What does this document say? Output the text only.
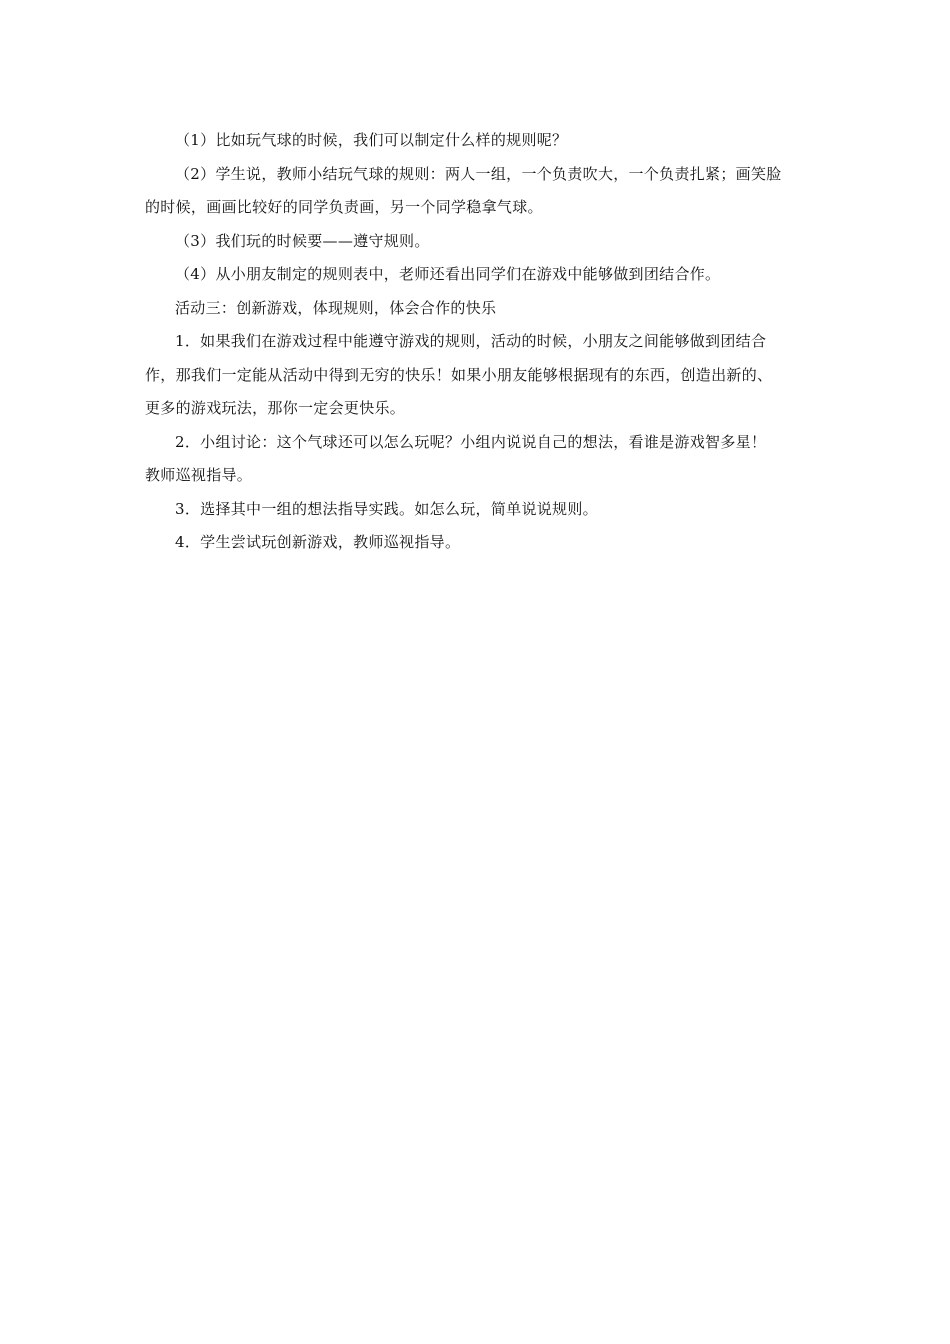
（1）比如玩气球的时候，我们可以制定什么样的规则呢？
（2）学生说，教师小结玩气球的规则：两人一组，一个负责吹大，一个负责扎紧；画笑脸
的时候，画画比较好的同学负责画，另一个同学稳拿气球。
（3）我们玩的时候要——遵守规则。
（4）从小朋友制定的规则表中，老师还看出同学们在游戏中能够做到团结合作。
活动三：创新游戏，体现规则，体会合作的快乐
1．如果我们在游戏过程中能遵守游戏的规则，活动的时候，小朋友之间能够做到团结合
作，那我们一定能从活动中得到无穷的快乐！如果小朋友能够根据现有的东西，创造出新的、
更多的游戏玩法，那你一定会更快乐。
2．小组讨论：这个气球还可以怎么玩呢？小组内说说自己的想法，看谁是游戏智多星！
教师巡视指导。
3．选择其中一组的想法指导实践。如怎么玩，简单说说规则。
4．学生尝试玩创新游戏，教师巡视指导。
